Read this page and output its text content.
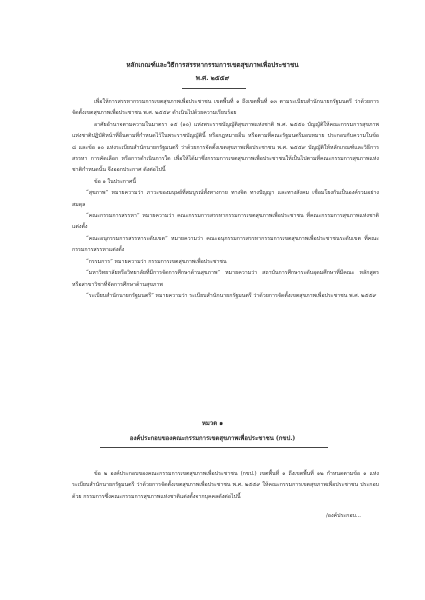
หลักเกณฑ์และวิธีการสรรหากรรมการเขตสุขภาพเพื่อประชาชน
พ.ศ. ๒๕๕๙

เพื่อให้การสรรหากรรมการเขตสุขภาพเพื่อประชาชน เขตพื้นที่ ๑ ถึงเขตพื้นที่ ๑๓ ตามระเบียบสำนักนายกรัฐมนตรี ว่าด้วยการจัดตั้งเขตสุขภาพเพื่อประชาชน พ.ศ. ๒๕๕๙ ดำเนินไปด้วยความเรียบร้อย

อาศัยอำนาจตามความในมาตรา ๑๕ (๑๐) แห่งพระราชบัญญัติสุขภาพแห่งชาติ พ.ศ. ๒๕๕๐ บัญญัติให้คณะกรรมการสุขภาพแห่งชาติปฏิบัติหน้าที่อื่นตามที่กำหนดไว้ในพระราชบัญญัตินี้ หรือกฎหมายอื่น หรือตามที่คณะรัฐมนตรีมอบหมาย ประกอบกับความในข้อ ๘ และข้อ ๑๐ แห่งระเบียบสำนักนายกรัฐมนตรี ว่าด้วยการจัดตั้งเขตสุขภาพเพื่อประชาชน พ.ศ. ๒๕๕๙ บัญญัติให้หลักเกณฑ์และวิธีการสรรหา การคัดเลือก หรือการดำเนินการใด เพื่อให้ได้มาซึ่งกรรมการเขตสุขภาพเพื่อประชาชนให้เป็นไปตามที่คณะกรรมการสุขภาพแห่งชาติกำหนดนั้น จึงออกประกาศ ดังต่อไปนี้

ข้อ ๑ ในประกาศนี้

“สุขภาพ” หมายความว่า ภาวะของมนุษย์ที่สมบูรณ์ทั้งทางกาย ทางจิต ทางปัญญา และทางสังคม เชื่อมโยงกันเป็นองค์รวมอย่างสมดุล

“คณะกรรมการสรรหา” หมายความว่า คณะกรรมการสรรหากรรมการเขตสุขภาพเพื่อประชาชน ที่คณะกรรมการสุขภาพแห่งชาติแต่งตั้ง

“คณะอนุกรรมการสรรหาระดับเขต” หมายความว่า คณะอนุกรรมการสรรหากรรมการเขตสุขภาพเพื่อประชาชนระดับเขต ที่คณะกรรมการสรรหาแต่งตั้ง

“กรรมการ” หมายความว่า กรรมการเขตสุขภาพเพื่อประชาชน

“มหาวิทยาลัยหรือวิทยาลัยที่มีการจัดการศึกษาด้านสุขภาพ” หมายความว่า สถาบันการศึกษาระดับอุดมศึกษาที่มีคณะ หลักสูตร หรือสาขาวิชาที่จัดการศึกษาด้านสุขภาพ

“ระเบียบสำนักนายกรัฐมนตรี” หมายความว่า ระเบียบสำนักนายกรัฐมนตรี ว่าด้วยการจัดตั้งเขตสุขภาพเพื่อประชาชน พ.ศ. ๒๕๕๙

หมวด ๑
องค์ประกอบของคณะกรรมการเขตสุขภาพเพื่อประชาชน (กขป.)

ข้อ ๒ องค์ประกอบของคณะกรรมการเขตสุขภาพเพื่อประชาชน (กขป.) เขตพื้นที่ ๑ ถึงเขตพื้นที่ ๑๒ กำหนดตามข้อ ๑ แห่งระเบียบสำนักนายกรัฐมนตรี ว่าด้วยการจัดตั้งเขตสุขภาพเพื่อประชาชน พ.ศ. ๒๕๕๙ ให้คณะกรรมการเขตสุขภาพเพื่อประชาชน ประกอบด้วย กรรมการซึ่งคณะกรรมการสุขภาพแห่งชาติแต่งตั้งจากบุคคลดังต่อไปนี้

/องค์ประกอบ...
